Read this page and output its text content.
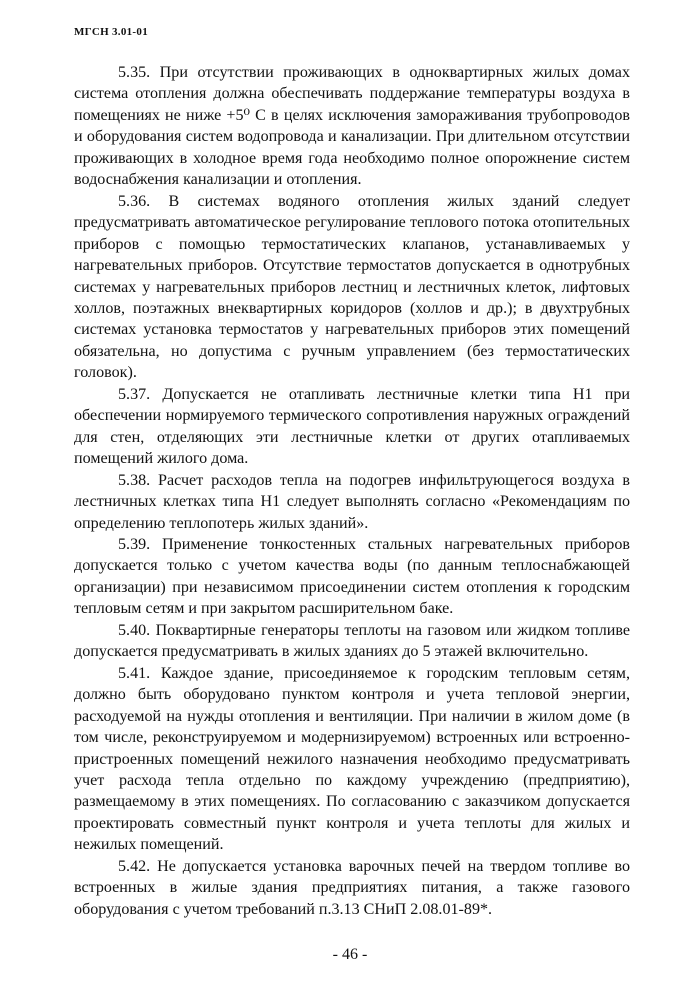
МГСН 3.01-01

5.35. При отсутствии проживающих в одноквартирных жилых домах система отопления должна обеспечивать поддержание температуры воздуха в помещениях не ниже +5⁰ С в целях исключения замораживания трубопроводов и оборудования систем водопровода и канализации. При длительном отсутствии проживающих в холодное время года необходимо полное опорожнение систем водоснабжения канализации и отопления.

5.36. В системах водяного отопления жилых зданий следует предусматривать автоматическое регулирование теплового потока отопительных приборов с помощью термостатических клапанов, устанавливаемых у нагревательных приборов. Отсутствие термостатов допускается в однотрубных системах у нагревательных приборов лестниц и лестничных клеток, лифтовых холлов, поэтажных внеквартирных коридоров (холлов и др.); в двухтрубных системах установка термостатов у нагревательных приборов этих помещений обязательна, но допустима с ручным управлением (без термостатических головок).

5.37. Допускается не отапливать лестничные клетки типа Н1 при обеспечении нормируемого термического сопротивления наружных ограждений для стен, отделяющих эти лестничные клетки от других отапливаемых помещений жилого дома.

5.38. Расчет расходов тепла на подогрев инфильтрующегося воздуха в лестничных клетках типа Н1 следует выполнять согласно «Рекомендациям по определению теплопотерь жилых зданий».

5.39. Применение тонкостенных стальных нагревательных приборов допускается только с учетом качества воды (по данным теплоснабжающей организации) при независимом присоединении систем отопления к городским тепловым сетям и при закрытом расширительном баке.

5.40. Поквартирные генераторы теплоты на газовом или жидком топливе допускается предусматривать в жилых зданиях до 5 этажей включительно.

5.41. Каждое здание, присоединяемое к городским тепловым сетям, должно быть оборудовано пунктом контроля и учета тепловой энергии, расходуемой на нужды отопления и вентиляции. При наличии в жилом доме (в том числе, реконструируемом и модернизируемом) встроенных или встроенно-пристроенных помещений нежилого назначения необходимо предусматривать учет расхода тепла отдельно по каждому учреждению (предприятию), размещаемому в этих помещениях. По согласованию с заказчиком допускается проектировать совместный пункт контроля и учета теплоты для жилых и нежилых помещений.

5.42. Не допускается установка варочных печей на твердом топливе во встроенных в жилые здания предприятиях питания, а также газового оборудования с учетом требований п.3.13 СНиП 2.08.01-89*.

- 46 -
